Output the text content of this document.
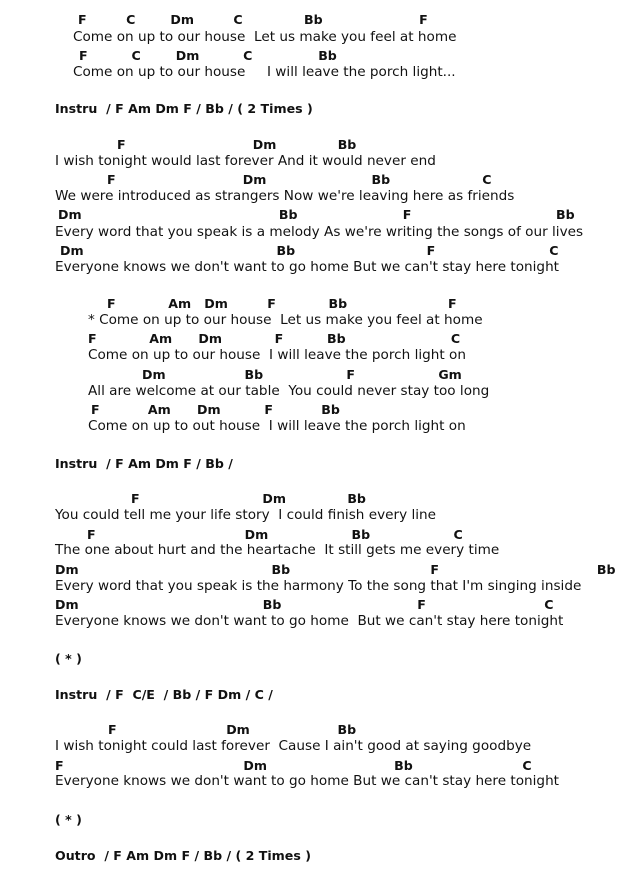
F         C        Dm         C              Bb                      F
Come on up to our house  Let us make you feel at home
F          C        Dm          C               Bb
Come on up to our house     I will leave the porch light...
Instru  / F Am Dm F / Bb / ( 2 Times )
F                             Dm              Bb
I wish tonight would last forever And it would never end
F                             Dm                        Bb                     C
We were introduced as strangers Now we're leaving here as friends
Dm                                             Bb                        F                                 Bb
Every word that you speak is a melody As we're writing the songs of our lives
Dm                                            Bb                              F                          C
Everyone knows we don't want to go home But we can't stay here tonight
F            Am   Dm         F            Bb                       F
* Come on up to our house  Let us make you feel at home
F            Am      Dm            F          Bb                        C
Come on up to our house  I will leave the porch light on
Dm                  Bb                   F                   Gm
All are welcome at our table  You could never stay too long
F           Am      Dm          F           Bb
Come on up to out house  I will leave the porch light on
Instru  / F Am Dm F / Bb /
F                            Dm              Bb
You could tell me your life story  I could finish every line
F                                  Dm                   Bb                   C
The one about hurt and the heartache  It still gets me every time
Dm                                            Bb                                F                                    Bb
Every word that you speak is the harmony To the song that I'm singing inside
Dm                                          Bb                               F                           C
Everyone knows we don't want to go home  But we can't stay here tonight
( * )
Instru  / F  C/E  / Bb / F Dm / C /
F                         Dm                    Bb
I wish tonight could last forever  Cause I ain't good at saying goodbye
F                                         Dm                             Bb                         C
Everyone knows we don't want to go home But we can't stay here tonight
( * )
Outro  / F Am Dm F / Bb / ( 2 Times )
